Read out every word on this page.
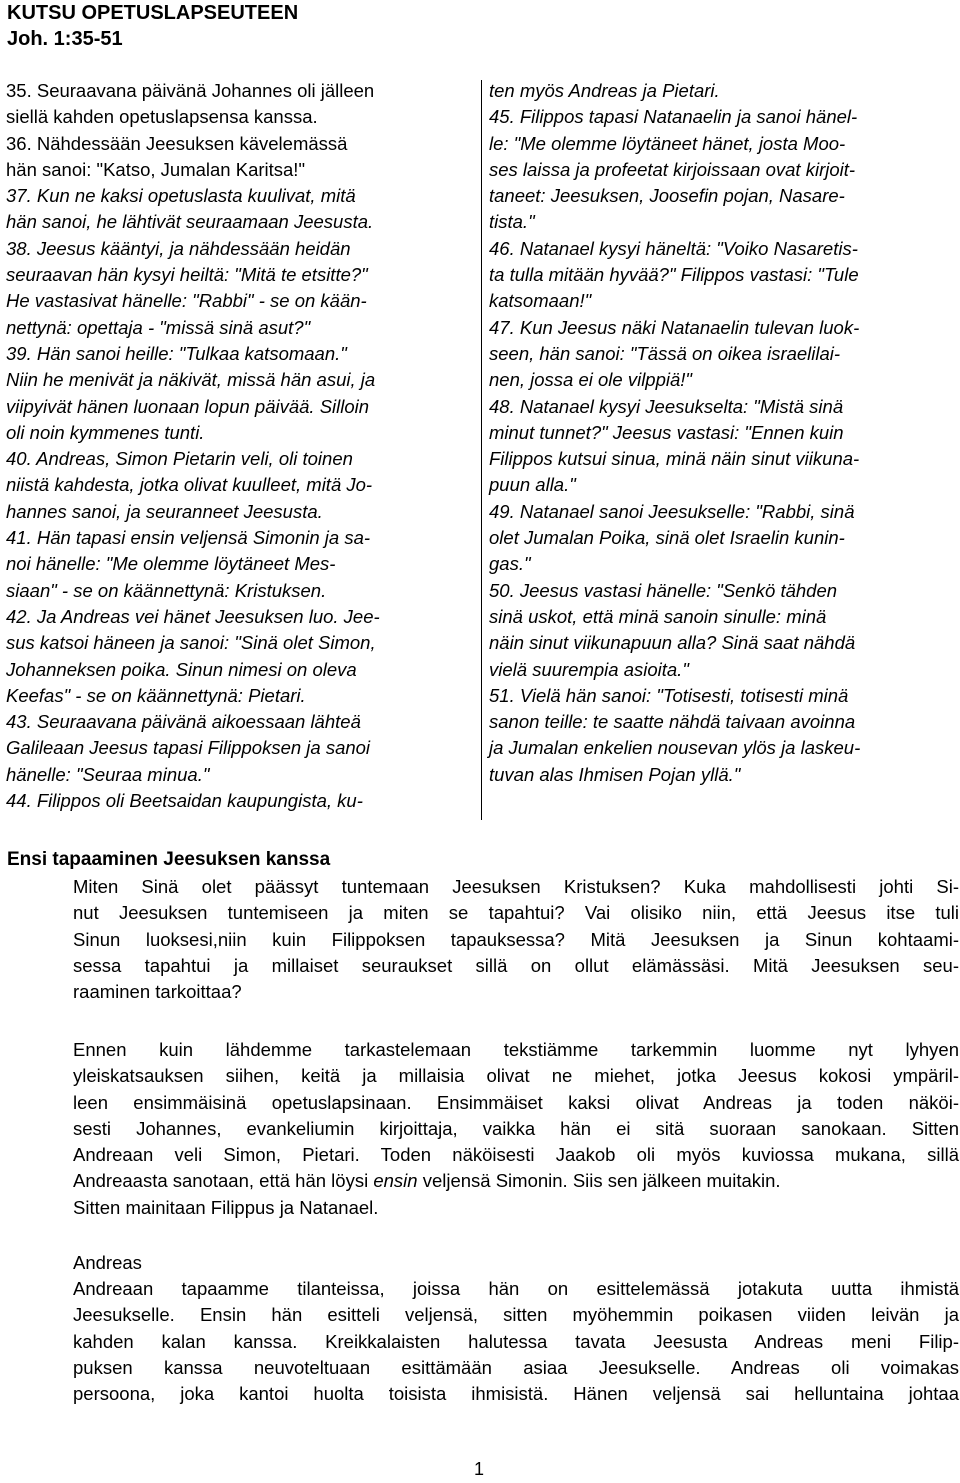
KUTSU OPETUSLAPSEUTEEN
Joh. 1:35-51
35. Seuraavana päivänä Johannes oli jälleen
siellä kahden opetuslapsensa kanssa.
36. Nähdessään Jeesuksen kävelemässä
hän sanoi: "Katso, Jumalan Karitsa!"
37. Kun ne kaksi opetuslasta kuulivat, mitä
hän sanoi, he lähtivät seuraamaan Jeesusta.
38. Jeesus kääntyi, ja nähdessään heidän
seuraavan hän kysyi heiltä: "Mitä te etsitte?"
He vastasivat hänelle: "Rabbi" - se on kään-
nettynä: opettaja - "missä sinä asut?"
39. Hän sanoi heille: "Tulkaa katsomaan."
Niin he menivät ja näkivät, missä hän asui, ja
viipyivät hänen luonaan lopun päivää. Silloin
oli noin kymmenes tunti.
40. Andreas, Simon Pietarin veli, oli toinen
niistä kahdesta, jotka olivat kuulleet, mitä Jo-
hannes sanoi, ja seuranneet Jeesusta.
41. Hän tapasi ensin veljensä Simonin ja sa-
noi hänelle: "Me olemme löytäneet Mes-
siaan" - se on käännettynä: Kristuksen.
42. Ja Andreas vei hänet Jeesuksen luo. Jee-
sus katsoi häneen ja sanoi: "Sinä olet Simon,
Johanneksen poika. Sinun nimesi on oleva
Keefas" - se on käännettynä: Pietari.
43. Seuraavana päivänä aikoessaan lähteä
Galileaan Jeesus tapasi Filippoksen ja sanoi
hänelle: "Seuraa minua."
44. Filippos oli Beetsaidan kaupungista, ku-
ten myös Andreas ja Pietari.
45. Filippos tapasi Natanaelin ja sanoi hänel-
le: "Me olemme löytäneet hänet, josta Moo-
ses laissa ja profeetat kirjoissaan ovat kirjoit-
taneet: Jeesuksen, Joosefin pojan, Nasare-
tista."
46. Natanael kysyi häneltä: "Voiko Nasaretis-
ta tulla mitään hyvää?" Filippos vastasi: "Tule
katsomaan!"
47. Kun Jeesus näki Natanaelin tulevan luok-
seen, hän sanoi: "Tässä on oikea israelilai-
nen, jossa ei ole vilppiä!"
48. Natanael kysyi Jeesukselta: "Mistä sinä
minut tunnet?" Jeesus vastasi: "Ennen kuin
Filippos kutsui sinua, minä näin sinut viikuna-
puun alla."
49. Natanael sanoi Jeesukselle: "Rabbi, sinä
olet Jumalan Poika, sinä olet Israelin kunin-
gas."
50. Jeesus vastasi hänelle: "Senkö tähden
sinä uskot, että minä sanoin sinulle: minä
näin sinut viikunapuun alla? Sinä saat nähdä
vielä suurempia asioita."
51. Vielä hän sanoi: "Totisesti, totisesti minä
sanon teille: te saatte nähdä taivaan avoinna
ja Jumalan enkelien nousevan ylös ja laskeu-
tuvan alas Ihmisen Pojan yllä."
Ensi tapaaminen Jeesuksen kanssa
Miten Sinä olet päässyt tuntemaan Jeesuksen Kristuksen? Kuka mahdollisesti johti Si-
nut Jeesuksen tuntemiseen ja miten se tapahtui? Vai olisiko niin, että Jeesus itse tuli
Sinun luoksesi,niin kuin Filippoksen tapauksessa? Mitä Jeesuksen ja Sinun kohtaami-
sessa tapahtui ja millaiset seuraukset sillä on ollut elämässäsi. Mitä Jeesuksen seu-
raaminen tarkoittaa?
Ennen kuin lähdemme tarkastelemaan tekstiämme tarkemmin luomme nyt lyhyen
yleiskatsauksen siihen, keitä ja millaisia olivat ne miehet, jotka Jeesus kokosi ympäril-
leen ensimmäisinä opetuslapsinaan. Ensimmäiset kaksi olivat Andreas ja toden näköi-
sesti Johannes, evankeliumin kirjoittaja, vaikka hän ei sitä suoraan sanokaan. Sitten
Andreaan veli Simon, Pietari. Toden näköisesti Jaakob oli myös kuviossa mukana, sillä
Andreaasta sanotaan, että hän löysi ensin veljensä Simonin. Siis sen jälkeen muitakin.
Sitten mainitaan Filippus ja Natanael.
Andreas
Andreaan tapaamme tilanteissa, joissa hän on esittelemässä jotakuta uutta ihmistä
Jeesukselle. Ensin hän esitteli veljensä, sitten myöhemmin poikasen viiden leivän ja
kahden kalan kanssa. Kreikkalaisten halutessa tavata Jeesusta Andreas meni Filip-
puksen kanssa neuvoteltuaan esittämään asiaa Jeesukselle. Andreas oli voimakas
persoona, joka kantoi huolta toisista ihmisistä. Hänen veljensä sai helluntaina johtaa
1
